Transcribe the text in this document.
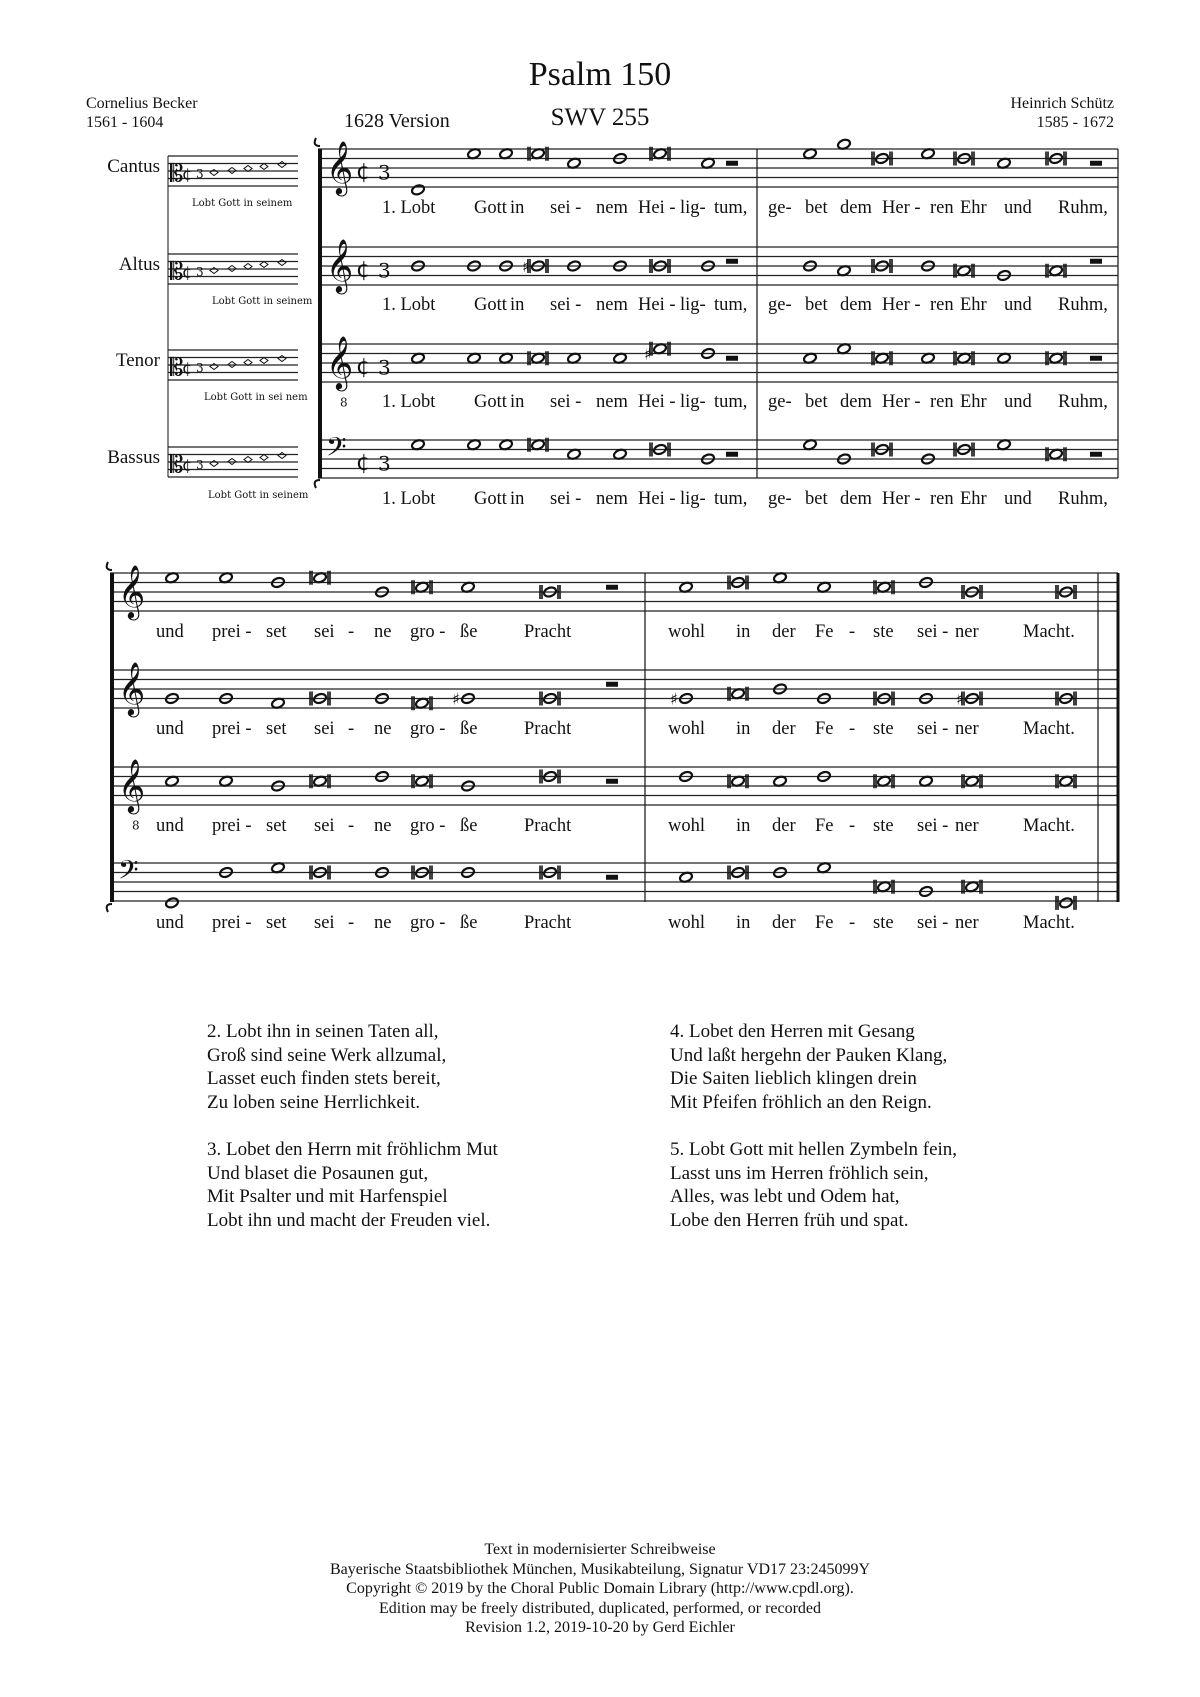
Psalm 150
SWV 255
1628 Version
Cornelius Becker
1561 - 1604
Heinrich Schütz
1585 - 1672
Cantus
Altus
Tenor
Bassus
Lobt Gott in seinem
Lobt Gott in seinem
Lobt Gott in sei nem
Lobt Gott in seinem
𝄞 ¢ 3
𝄞 ¢ 3
𝄞
8
¢ 3
𝄢 ¢ 3
𝄡
¢ 3
𝄡
¢ 3
𝄡
¢ 3
𝄡
¢ 3
♯
♯
𝄞
𝄞
𝄞
8
𝄢
♯	♯	♯
1. Lobt Gott in sei - nem Hei - lig- tum, ge- bet dem Her - ren Ehr und Ruhm,
1. Lobt Gott in sei - nem Hei - lig- tum, ge- bet dem Her - ren Ehr und Ruhm,
1. Lobt Gott in sei - nem Hei - lig- tum, ge- bet dem Her - ren Ehr und Ruhm,
1. Lobt Gott in sei - nem Hei - lig- tum, ge- bet dem Her - ren Ehr und Ruhm,
und prei - set sei - ne gro - ße	Pracht	wohl in der Fe - ste sei - ner Macht.
und prei - set sei - ne gro - ße	Pracht	wohl in der Fe - ste sei - ner Macht.
und prei - set sei - ne gro - ße	Pracht	wohl in der Fe - ste sei - ner Macht.
und prei - set sei - ne gro - ße	Pracht	wohl in der Fe - ste sei - ner Macht.
2. Lobt ihn in seinen Taten all,
Groß sind seine Werk allzumal,
Lasset euch finden stets bereit,
Zu loben seine Herrlichkeit.
4. Lobet den Herren mit Gesang
Und laßt hergehn der Pauken Klang,
Die Saiten lieblich klingen drein
Mit Pfeifen fröhlich an den Reign.
3. Lobet den Herrn mit fröhlichm Mut
Und blaset die Posaunen gut,
Mit Psalter und mit Harfenspiel
Lobt ihn und macht der Freuden viel.
5. Lobt Gott mit hellen Zymbeln fein,
Lasst uns im Herren fröhlich sein,
Alles, was lebt und Odem hat,
Lobe den Herren früh und spat.
Text in modernisierter Schreibweise
Bayerische Staatsbibliothek München, Musikabteilung, Signatur VD17 23:245099Y
Copyright © 2019 by the Choral Public Domain Library (http://www.cpdl.org).
Edition may be freely distributed, duplicated, performed, or recorded
Revision 1.2, 2019-10-20 by Gerd Eichler
